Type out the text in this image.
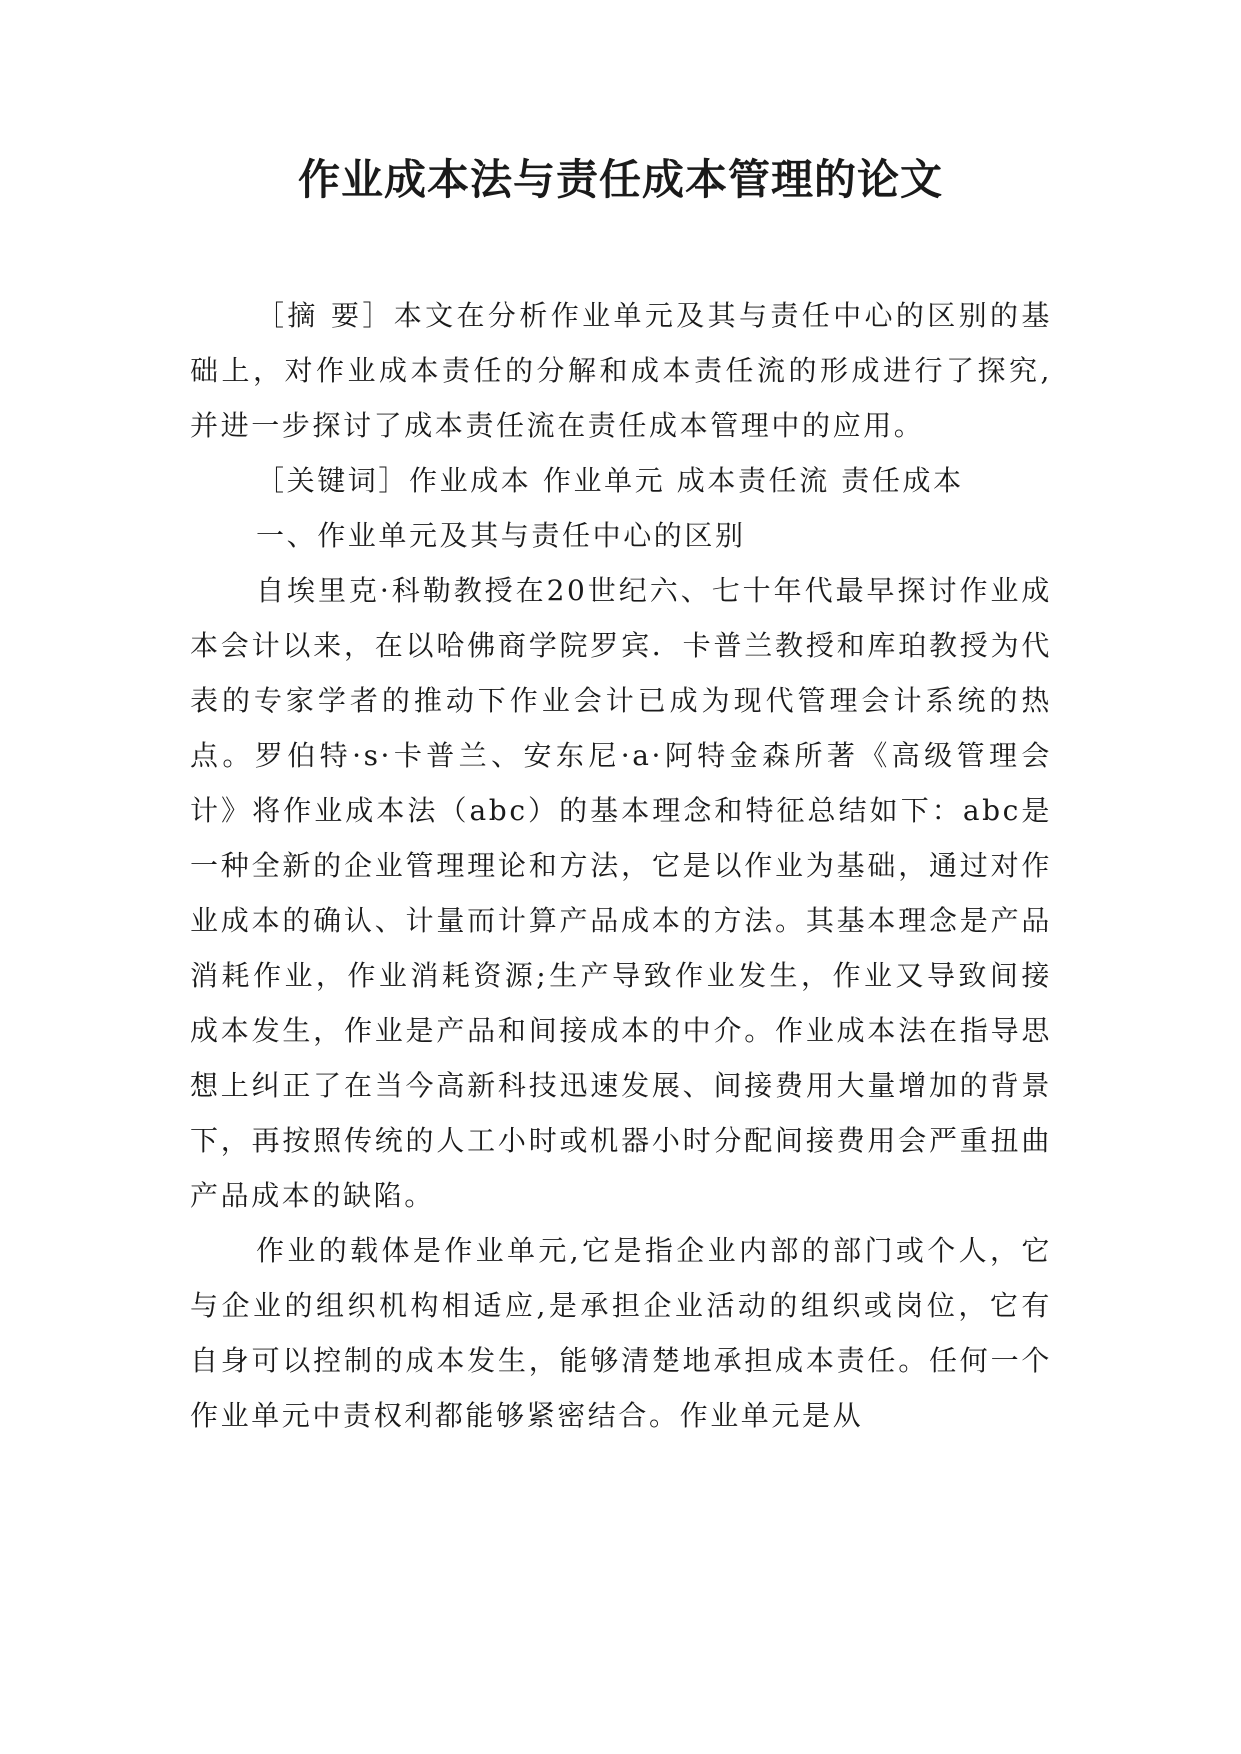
作业成本法与责任成本管理的论文

［摘 要］本文在分析作业单元及其与责任中心的区别的基础上，对作业成本责任的分解和成本责任流的形成进行了探究,并进一步探讨了成本责任流在责任成本管理中的应用。

［关键词］作业成本 作业单元 成本责任流 责任成本

一、作业单元及其与责任中心的区别

自埃里克·科勒教授在20世纪六、七十年代最早探讨作业成本会计以来，在以哈佛商学院罗宾．卡普兰教授和库珀教授为代表的专家学者的推动下作业会计已成为现代管理会计系统的热点。罗伯特·s·卡普兰、安东尼·a·阿特金森所著《高级管理会计》将作业成本法（abc）的基本理念和特征总结如下：abc是一种全新的企业管理理论和方法，它是以作业为基础，通过对作业成本的确认、计量而计算产品成本的方法。其基本理念是产品消耗作业，作业消耗资源;生产导致作业发生，作业又导致间接成本发生，作业是产品和间接成本的中介。作业成本法在指导思想上纠正了在当今高新科技迅速发展、间接费用大量增加的背景下，再按照传统的人工小时或机器小时分配间接费用会严重扭曲产品成本的缺陷。

作业的载体是作业单元,它是指企业内部的部门或个人，它与企业的组织机构相适应,是承担企业活动的组织或岗位，它有自身可以控制的成本发生，能够清楚地承担成本责任。任何一个作业单元中责权利都能够紧密结合。作业单元是从
